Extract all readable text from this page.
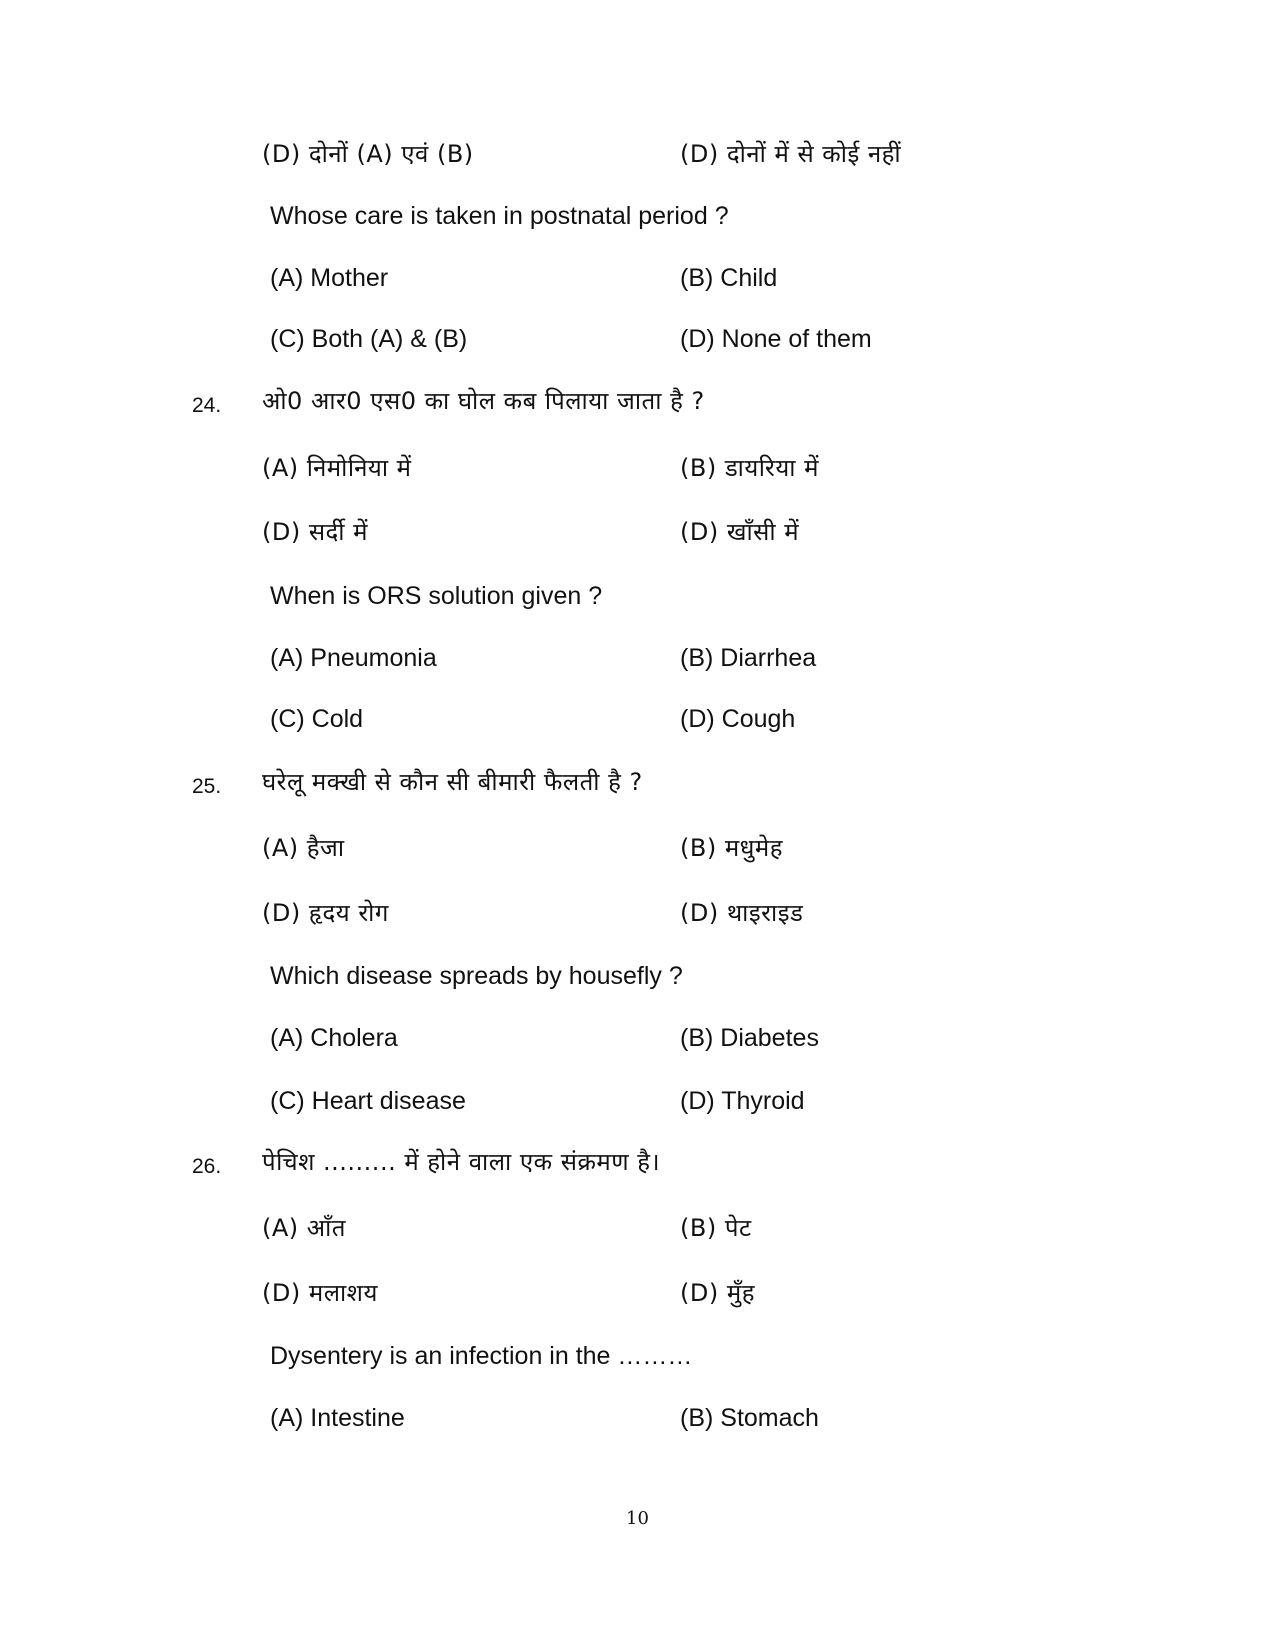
(D) दोनों (A) एवं (B)	(D) दोनों में से कोई नहीं
Whose care is taken in postnatal period ?
(A) Mother	(B) Child
(C) Both (A) & (B)	(D) None of them
24. ओ0 आर0 एस0 का घोल कब पिलाया जाता है ?
(A) निमोनिया में	(B) डायरिया में
(D) सर्दी में	(D) खाँसी में
When is ORS solution given ?
(A) Pneumonia	(B) Diarrhea
(C) Cold	(D) Cough
25. घरेलू मक्खी से कौन सी बीमारी फैलती है ?
(A) हैजा	(B) मधुमेह
(D) हृदय रोग	(D) थाइराइड
Which disease spreads by housefly ?
(A) Cholera	(B) Diabetes
(C) Heart disease	(D) Thyroid
26. पेचिश ......... में होने वाला एक संक्रमण है।
(A) आँत	(B) पेट
(D) मलाशय	(D) मुँह
Dysentery is an infection in the ………
(A) Intestine	(B) Stomach
10
